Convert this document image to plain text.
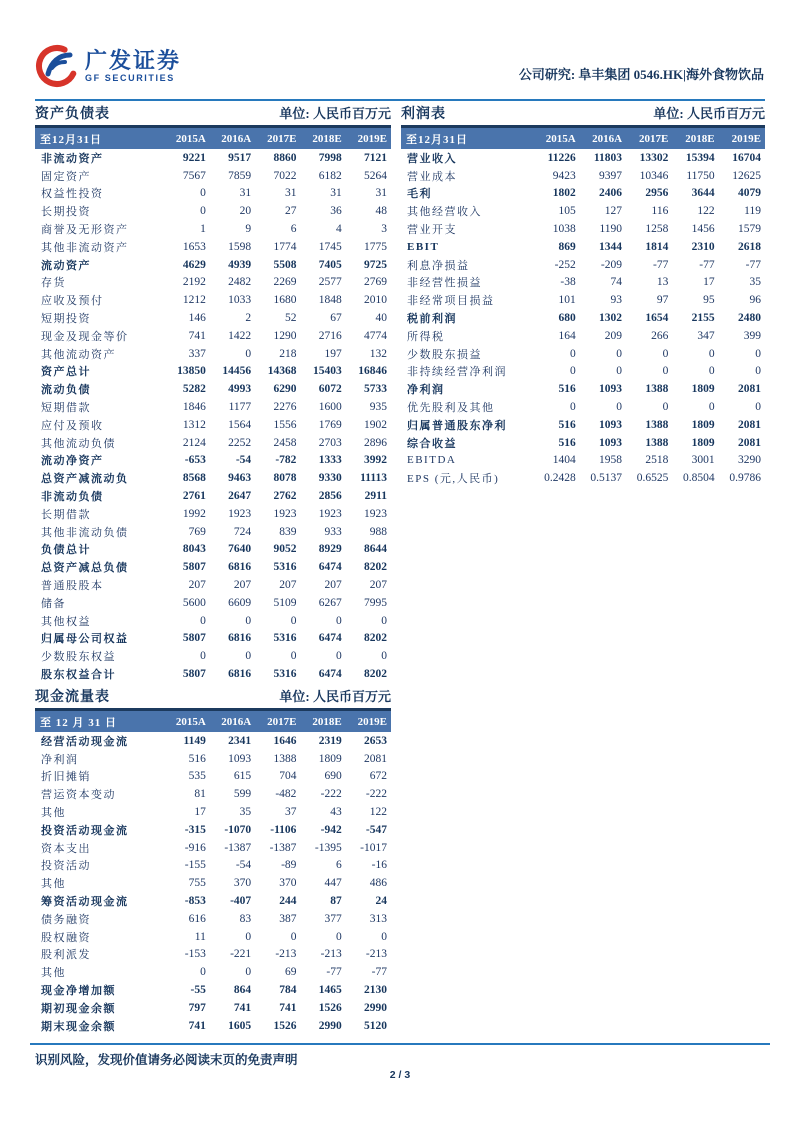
广发证券
GF SECURITIES	公司研究: 阜丰集团 0546.HK|海外食物饮品
资产负债表	单位: 人民币百万元
至12月31日	2015A	2016A	2017E	2018E	2019E
非流动资产	9221	9517	8860	7998	7121
固定资产	7567	7859	7022	6182	5264
权益性投资	0	31	31	31	31
长期投资	0	20	27	36	48
商誉及无形资产	1	9	6	4	3
其他非流动资产	1653	1598	1774	1745	1775
流动资产	4629	4939	5508	7405	9725
存货	2192	2482	2269	2577	2769
应收及预付	1212	1033	1680	1848	2010
短期投资	146	2	52	67	40
现金及现金等价	741	1422	1290	2716	4774
其他流动资产	337	0	218	197	132
资产总计	13850	14456	14368	15403	16846
流动负债	5282	4993	6290	6072	5733
短期借款	1846	1177	2276	1600	935
应付及预收	1312	1564	1556	1769	1902
其他流动负债	2124	2252	2458	2703	2896
流动净资产	-653	-54	-782	1333	3992
总资产减流动负	8568	9463	8078	9330	11113
非流动负债	2761	2647	2762	2856	2911
长期借款	1992	1923	1923	1923	1923
其他非流动负债	769	724	839	933	988
负债总计	8043	7640	9052	8929	8644
总资产减总负债	5807	6816	5316	6474	8202
普通股股本	207	207	207	207	207
储备	5600	6609	5109	6267	7995
其他权益	0	0	0	0	0
归属母公司权益	5807	6816	5316	6474	8202
少数股东权益	0	0	0	0	0
股东权益合计	5807	6816	5316	6474	8202
利润表	单位: 人民币百万元
至12月31日	2015A	2016A	2017E	2018E	2019E
营业收入	11226	11803	13302	15394	16704
营业成本	9423	9397	10346	11750	12625
毛利	1802	2406	2956	3644	4079
其他经营收入	105	127	116	122	119
营业开支	1038	1190	1258	1456	1579
EBIT	869	1344	1814	2310	2618
利息净损益	-252	-209	-77	-77	-77
非经营性损益	-38	74	13	17	35
非经常项目损益	101	93	97	95	96
税前利润	680	1302	1654	2155	2480
所得税	164	209	266	347	399
少数股东损益	0	0	0	0	0
非持续经营净利润	0	0	0	0	0
净利润	516	1093	1388	1809	2081
优先股利及其他	0	0	0	0	0
归属普通股东净利	516	1093	1388	1809	2081
综合收益	516	1093	1388	1809	2081
EBITDA	1404	1958	2518	3001	3290
EPS (元,人民币)	0.2428	0.5137	0.6525	0.8504	0.9786
现金流量表	单位: 人民币百万元
至 12 月 31 日	2015A	2016A	2017E	2018E	2019E
经营活动现金流	1149	2341	1646	2319	2653
净利润	516	1093	1388	1809	2081
折旧摊销	535	615	704	690	672
营运资本变动	81	599	-482	-222	-222
其他	17	35	37	43	122
投资活动现金流	-315	-1070	-1106	-942	-547
资本支出	-916	-1387	-1387	-1395	-1017
投资活动	-155	-54	-89	6	-16
其他	755	370	370	447	486
筹资活动现金流	-853	-407	244	87	24
债务融资	616	83	387	377	313
股权融资	11	0	0	0	0
股利派发	-153	-221	-213	-213	-213
其他	0	0	69	-77	-77
现金净增加额	-55	864	784	1465	2130
期初现金余额	797	741	741	1526	2990
期末现金余额	741	1605	1526	2990	5120
识别风险，发现价值请务必阅读末页的免责声明
2 / 3
